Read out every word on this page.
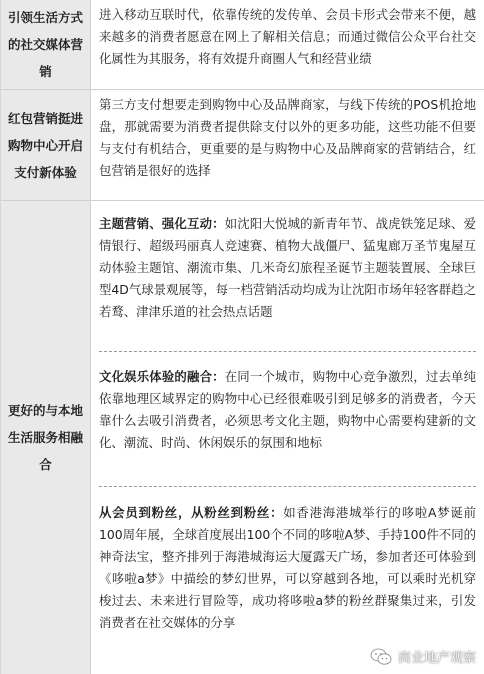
引领生活方式的社交媒体营销
进入移动互联时代，依靠传统的发传单、会员卡形式会带来不便，越来越多的消费者愿意在网上了解相关信息；而通过微信公众平台社交化属性为其服务，将有效提升商圈人气和经营业绩
红包营销挺进购物中心开启支付新体验
第三方支付想要走到购物中心及品牌商家，与线下传统的POS机抢地盘，那就需要为消费者提供除支付以外的更多功能，这些功能不但要与支付有机结合，更重要的是与购物中心及品牌商家的营销结合，红包营销是很好的选择
更好的与本地生活服务相融合
主题营销、强化互动：如沈阳大悦城的新青年节、战虎铁笼足球、爱情银行、超级玛丽真人竞速赛、植物大战僵尸、猛鬼廊万圣节鬼屋互动体验主题馆、潮流市集、几米奇幻旅程圣诞节主题装置展、全球巨型4D气球景观展等，每一档营销活动均成为让沈阳市场年轻客群趋之若鹜、津津乐道的社会热点话题
文化娱乐体验的融合：在同一个城市，购物中心竞争激烈，过去单纯依靠地理区域界定的购物中心已经很难吸引到足够多的消费者，今天靠什么去吸引消费者，必须思考文化主题，购物中心需要构建新的文化、潮流、时尚、休闲娱乐的氛围和地标
从会员到粉丝，从粉丝到粉丝：如香港海港城举行的哆啦A梦诞前100周年展，全球首度展出100个不同的哆啦A梦、手持100件不同的神奇法宝，整齐排列于海港城海运大厦露天广场，参加者还可体验到《哆啦a梦》中描绘的梦幻世界，可以穿越到各地，可以乘时光机穿梭过去、未来进行冒险等，成功将哆啦a梦的粉丝群聚集过来，引发消费者在社交媒体的分享
商业地产观察
